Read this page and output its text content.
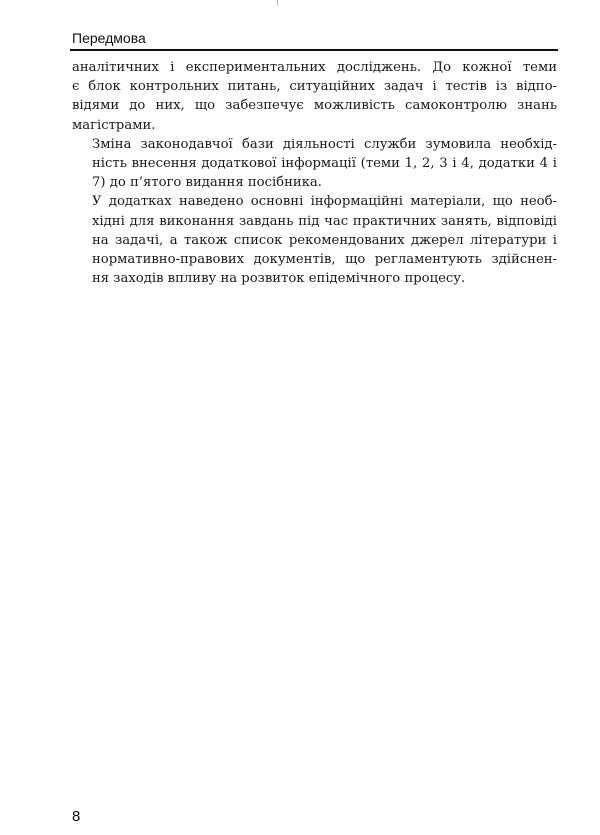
Передмова

аналітичних і експериментальних досліджень. До кожної теми
є блок контрольних питань, ситуаційних задач і тестів із відпо-
відями до них, що забезпечує можливість самоконтролю знань
магістрами.

Зміна законодавчої бази діяльності служби зумовила необхід-
ність внесення додаткової інформації (теми 1, 2, 3 і 4, додатки 4 і
7) до п’ятого видання посібника.

У додатках наведено основні інформаційні матеріали, що необ-
хідні для виконання завдань під час практичних занять, відповіді
на задачі, а також список рекомендованих джерел літератури і
нормативно-правових документів, що регламентують здійснен-
ня заходів впливу на розвиток епідемічного процесу.

8
